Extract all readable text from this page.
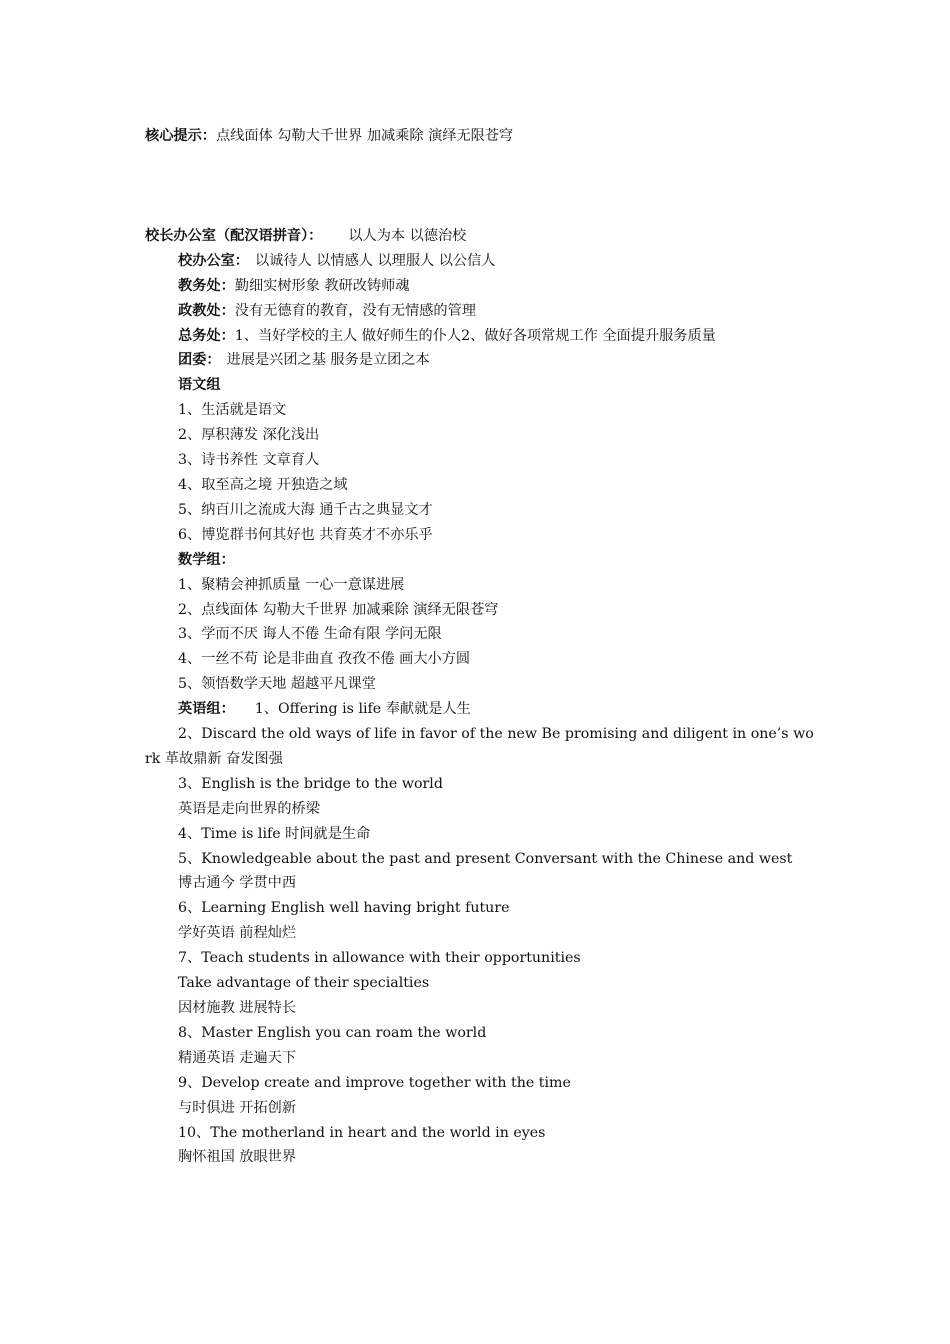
核心提示：点线面体 勾勒大千世界 加减乘除 演绎无限苍穹
校长办公室（配汉语拼音）： 以人为本 以德治校
校办公室： 以诚待人 以情感人 以理服人 以公信人
教务处：勤细实树形象 教研改铸师魂
政教处：没有无德育的教育，没有无情感的管理
总务处：1、当好学校的主人 做好师生的仆人2、做好各项常规工作 全面提升服务质量
团委： 进展是兴团之基 服务是立团之本
语文组
1、生活就是语文
2、厚积薄发 深化浅出
3、诗书养性 文章育人
4、取至高之境 开独造之域
5、纳百川之流成大海 通千古之典显文才
6、博览群书何其好也 共育英才不亦乐乎
数学组：
1、聚精会神抓质量 一心一意谋进展
2、点线面体 勾勒大千世界 加减乘除 演绎无限苍穹
3、学而不厌 诲人不倦 生命有限 学问无限
4、一丝不苟 论是非曲直 孜孜不倦 画大小方圆
5、领悟数学天地 超越平凡课堂
英语组： 1、Offering is life 奉献就是人生
2、Discard the old ways of life in favor of the new Be promising and diligent in one’s work 革故鼎新 奋发图强
3、English is the bridge to the world
英语是走向世界的桥梁
4、Time is life 时间就是生命
5、Knowledgeable about the past and present Conversant with the Chinese and west
博古通今 学贯中西
6、Learning English well having bright future
学好英语 前程灿烂
7、Teach students in allowance with their opportunities
Take advantage of their specialties
因材施教 进展特长
8、Master English you can roam the world
精通英语 走遍天下
9、Develop create and improve together with the time
与时俱进 开拓创新
10、The motherland in heart and the world in eyes
胸怀祖国 放眼世界
